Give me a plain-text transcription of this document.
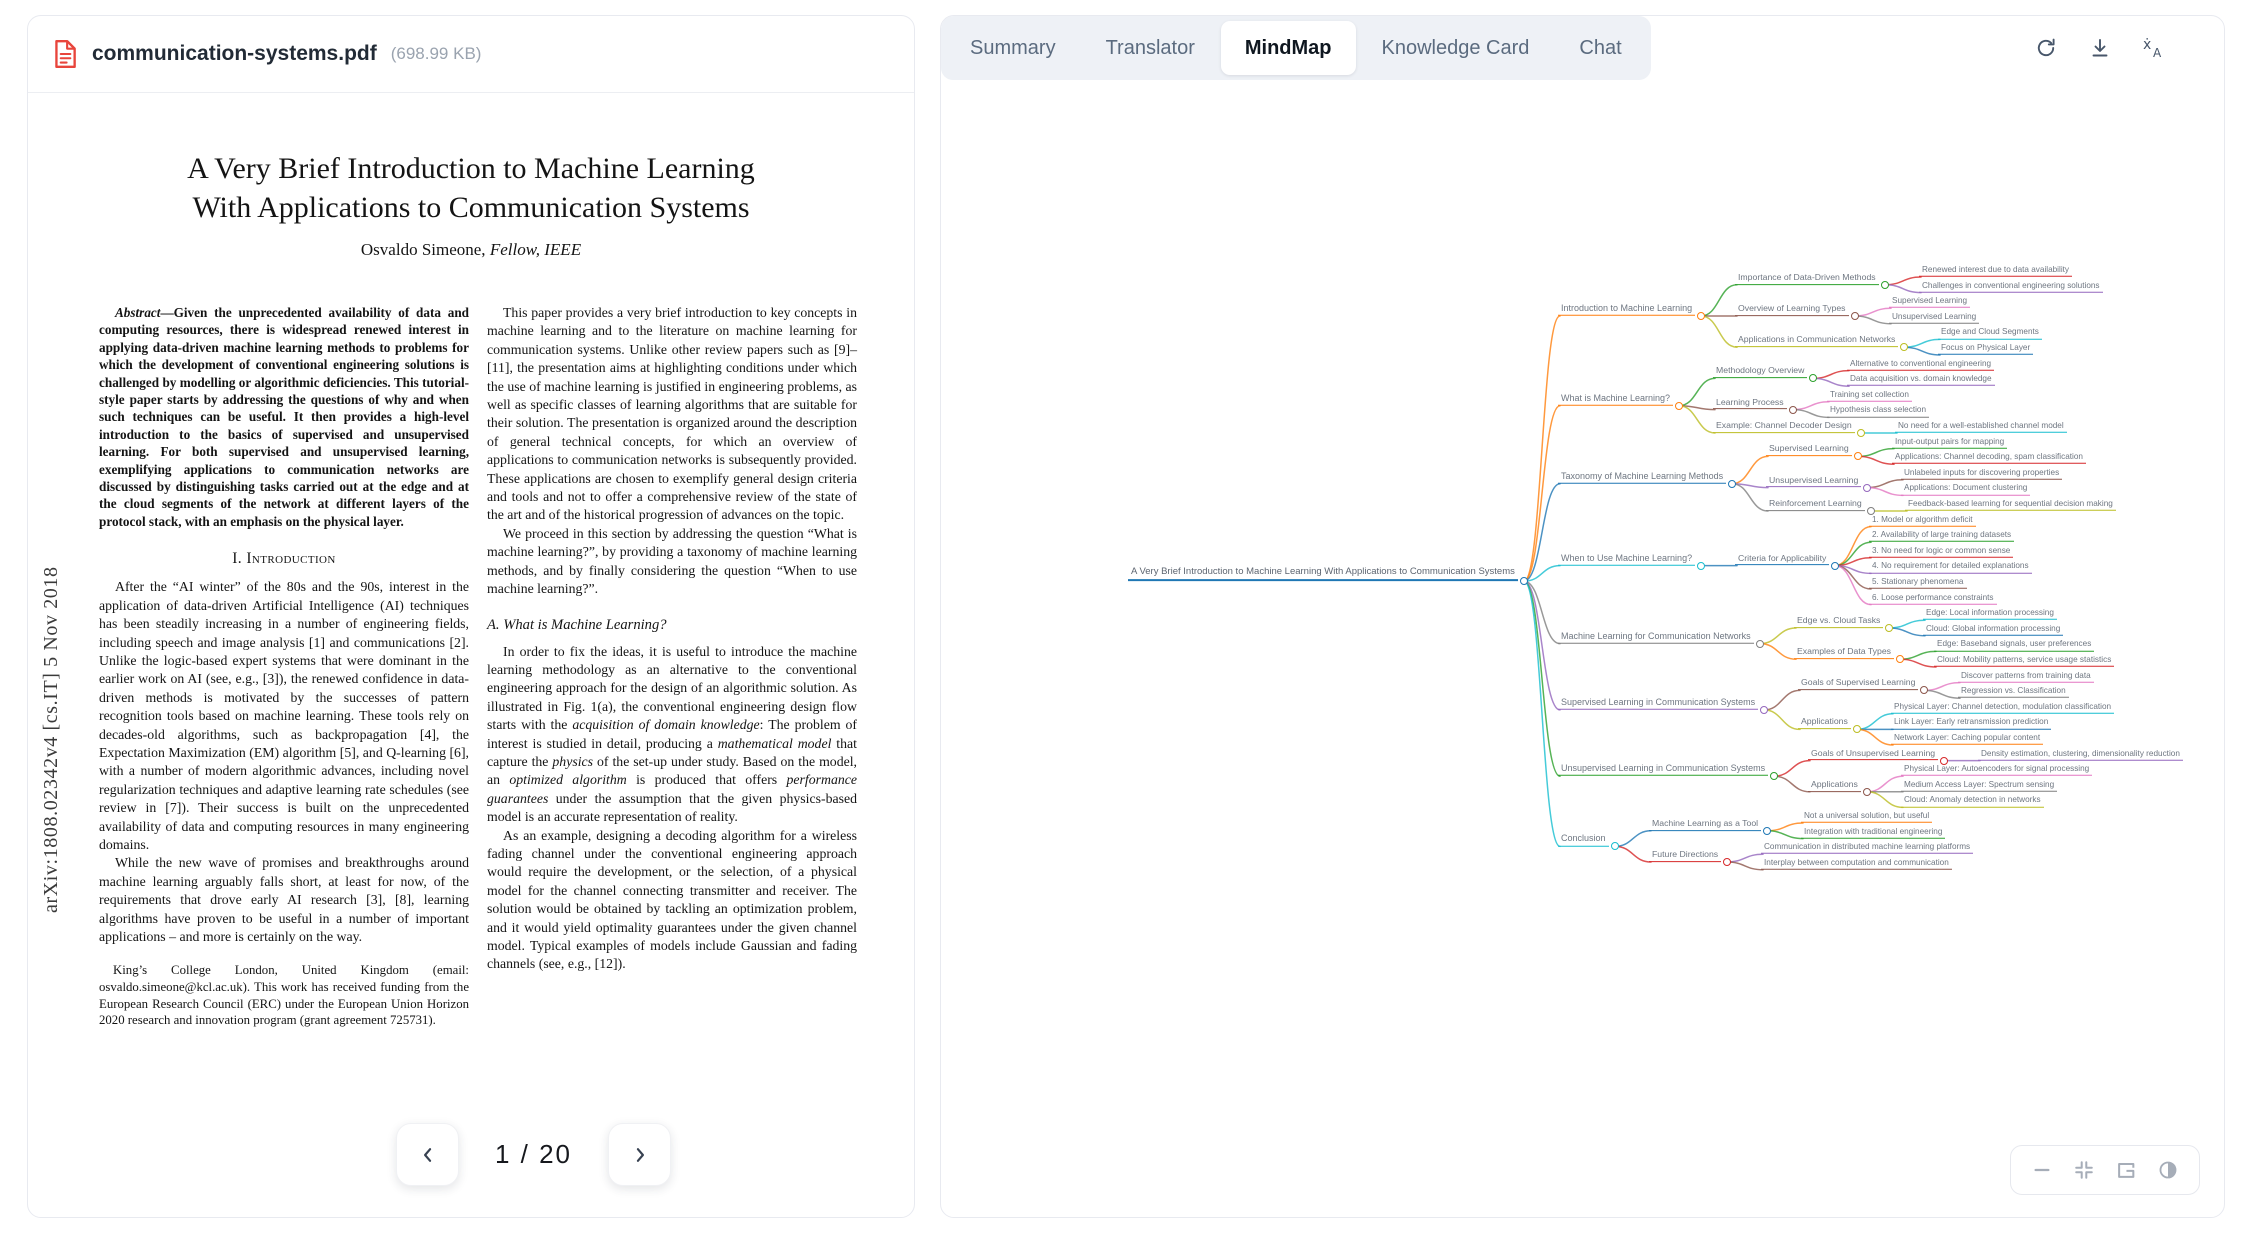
communication-systems.pdf (698.99 KB)
arXiv:1808.02342v4 [cs.IT] 5 Nov 2018
A Very Brief Introduction to Machine Learning
With Applications to Communication Systems
Osvaldo Simeone, Fellow, IEEE
Abstract—Given the unprecedented availability of data and computing resources, there is widespread renewed interest in applying data-driven machine learning methods to problems for which the development of conventional engineering solutions is challenged by modelling or algorithmic deficiencies. This tutorial-style paper starts by addressing the questions of why and when such techniques can be useful. It then provides a high-level introduction to the basics of supervised and unsupervised learning. For both supervised and unsupervised learning, exemplifying applications to communication networks are discussed by distinguishing tasks carried out at the edge and at the cloud segments of the network at different layers of the protocol stack, with an emphasis on the physical layer.
I. Introduction
After the “AI winter” of the 80s and the 90s, interest in the application of data-driven Artificial Intelligence (AI) techniques has been steadily increasing in a number of engineering fields, including speech and image analysis [1] and communications [2]. Unlike the logic-based expert systems that were dominant in the earlier work on AI (see, e.g., [3]), the renewed confidence in data-driven methods is motivated by the successes of pattern recognition tools based on machine learning. These tools rely on decades-old algorithms, such as backpropagation [4], the Expectation Maximization (EM) algorithm [5], and Q-learning [6], with a number of modern algorithmic advances, including novel regularization techniques and adaptive learning rate schedules (see review in [7]). Their success is built on the unprecedented availability of data and computing resources in many engineering domains.
While the new wave of promises and breakthroughs around machine learning arguably falls short, at least for now, of the requirements that drove early AI research [3], [8], learning algorithms have proven to be useful in a number of important applications – and more is certainly on the way.
King’s College London, United Kingdom (email: osvaldo.simeone@kcl.ac.uk). This work has received funding from the European Research Council (ERC) under the European Union Horizon 2020 research and innovation program (grant agreement 725731).
This paper provides a very brief introduction to key concepts in machine learning and to the literature on machine learning for communication systems. Unlike other review papers such as [9]–[11], the presentation aims at highlighting conditions under which the use of machine learning is justified in engineering problems, as well as specific classes of learning algorithms that are suitable for their solution. The presentation is organized around the description of general technical concepts, for which an overview of applications to communication networks is subsequently provided. These applications are chosen to exemplify general design criteria and tools and not to offer a comprehensive review of the state of the art and of the historical progression of advances on the topic.
We proceed in this section by addressing the question “What is machine learning?”, by providing a taxonomy of machine learning methods, and by finally considering the question “When to use machine learning?”.
A. What is Machine Learning?
In order to fix the ideas, it is useful to introduce the machine learning methodology as an alternative to the conventional engineering approach for the design of an algorithmic solution. As illustrated in Fig. 1(a), the conventional engineering design flow starts with the acquisition of domain knowledge: The problem of interest is studied in detail, producing a mathematical model that capture the physics of the set-up under study. Based on the model, an optimized algorithm is produced that offers performance guarantees under the assumption that the given physics-based model is an accurate representation of reality.
As an example, designing a decoding algorithm for a wireless fading channel under the conventional engineering approach would require the development, or the selection, of a physical model for the channel connecting transmitter and receiver. The solution would be obtained by tackling an optimization problem, and it would yield optimality guarantees under the given channel model. Typical examples of models include Gaussian and fading channels (see, e.g., [12]).
1 / 20
Summary	Translator	MindMap	Knowledge Card	Chat	ẋ A
Renewed interest due to data availability
Challenges in conventional engineering solutions
Importance of Data-Driven Methods
Supervised Learning
Unsupervised Learning
Overview of Learning Types
Edge and Cloud Segments
Focus on Physical Layer
Applications in Communication Networks
Introduction to Machine Learning
Alternative to conventional engineering
Data acquisition vs. domain knowledge
Methodology Overview
Training set collection
Hypothesis class selection
Learning Process
No need for a well-established channel model
Example: Channel Decoder Design
What is Machine Learning?
Input-output pairs for mapping
Applications: Channel decoding, spam classification
Supervised Learning
Unlabeled inputs for discovering properties
Applications: Document clustering
Unsupervised Learning
Feedback-based learning for sequential decision making
Reinforcement Learning
Taxonomy of Machine Learning Methods
1. Model or algorithm deficit
2. Availability of large training datasets
3. No need for logic or common sense
4. No requirement for detailed explanations
5. Stationary phenomena
6. Loose performance constraints
Criteria for Applicability
When to Use Machine Learning?
Edge: Local information processing
Cloud: Global information processing
Edge vs. Cloud Tasks
Edge: Baseband signals, user preferences
Cloud: Mobility patterns, service usage statistics
Examples of Data Types
Machine Learning for Communication Networks
Discover patterns from training data
Regression vs. Classification
Goals of Supervised Learning
Physical Layer: Channel detection, modulation classification
Link Layer: Early retransmission prediction
Network Layer: Caching popular content
Applications
Supervised Learning in Communication Systems
Density estimation, clustering, dimensionality reduction
Goals of Unsupervised Learning
Physical Layer: Autoencoders for signal processing
Medium Access Layer: Spectrum sensing
Cloud: Anomaly detection in networks
Applications
Unsupervised Learning in Communication Systems
Not a universal solution, but useful
Integration with traditional engineering
Machine Learning as a Tool
Communication in distributed machine learning platforms
Interplay between computation and communication
Future Directions
Conclusion
A Very Brief Introduction to Machine Learning With Applications to Communication Systems
